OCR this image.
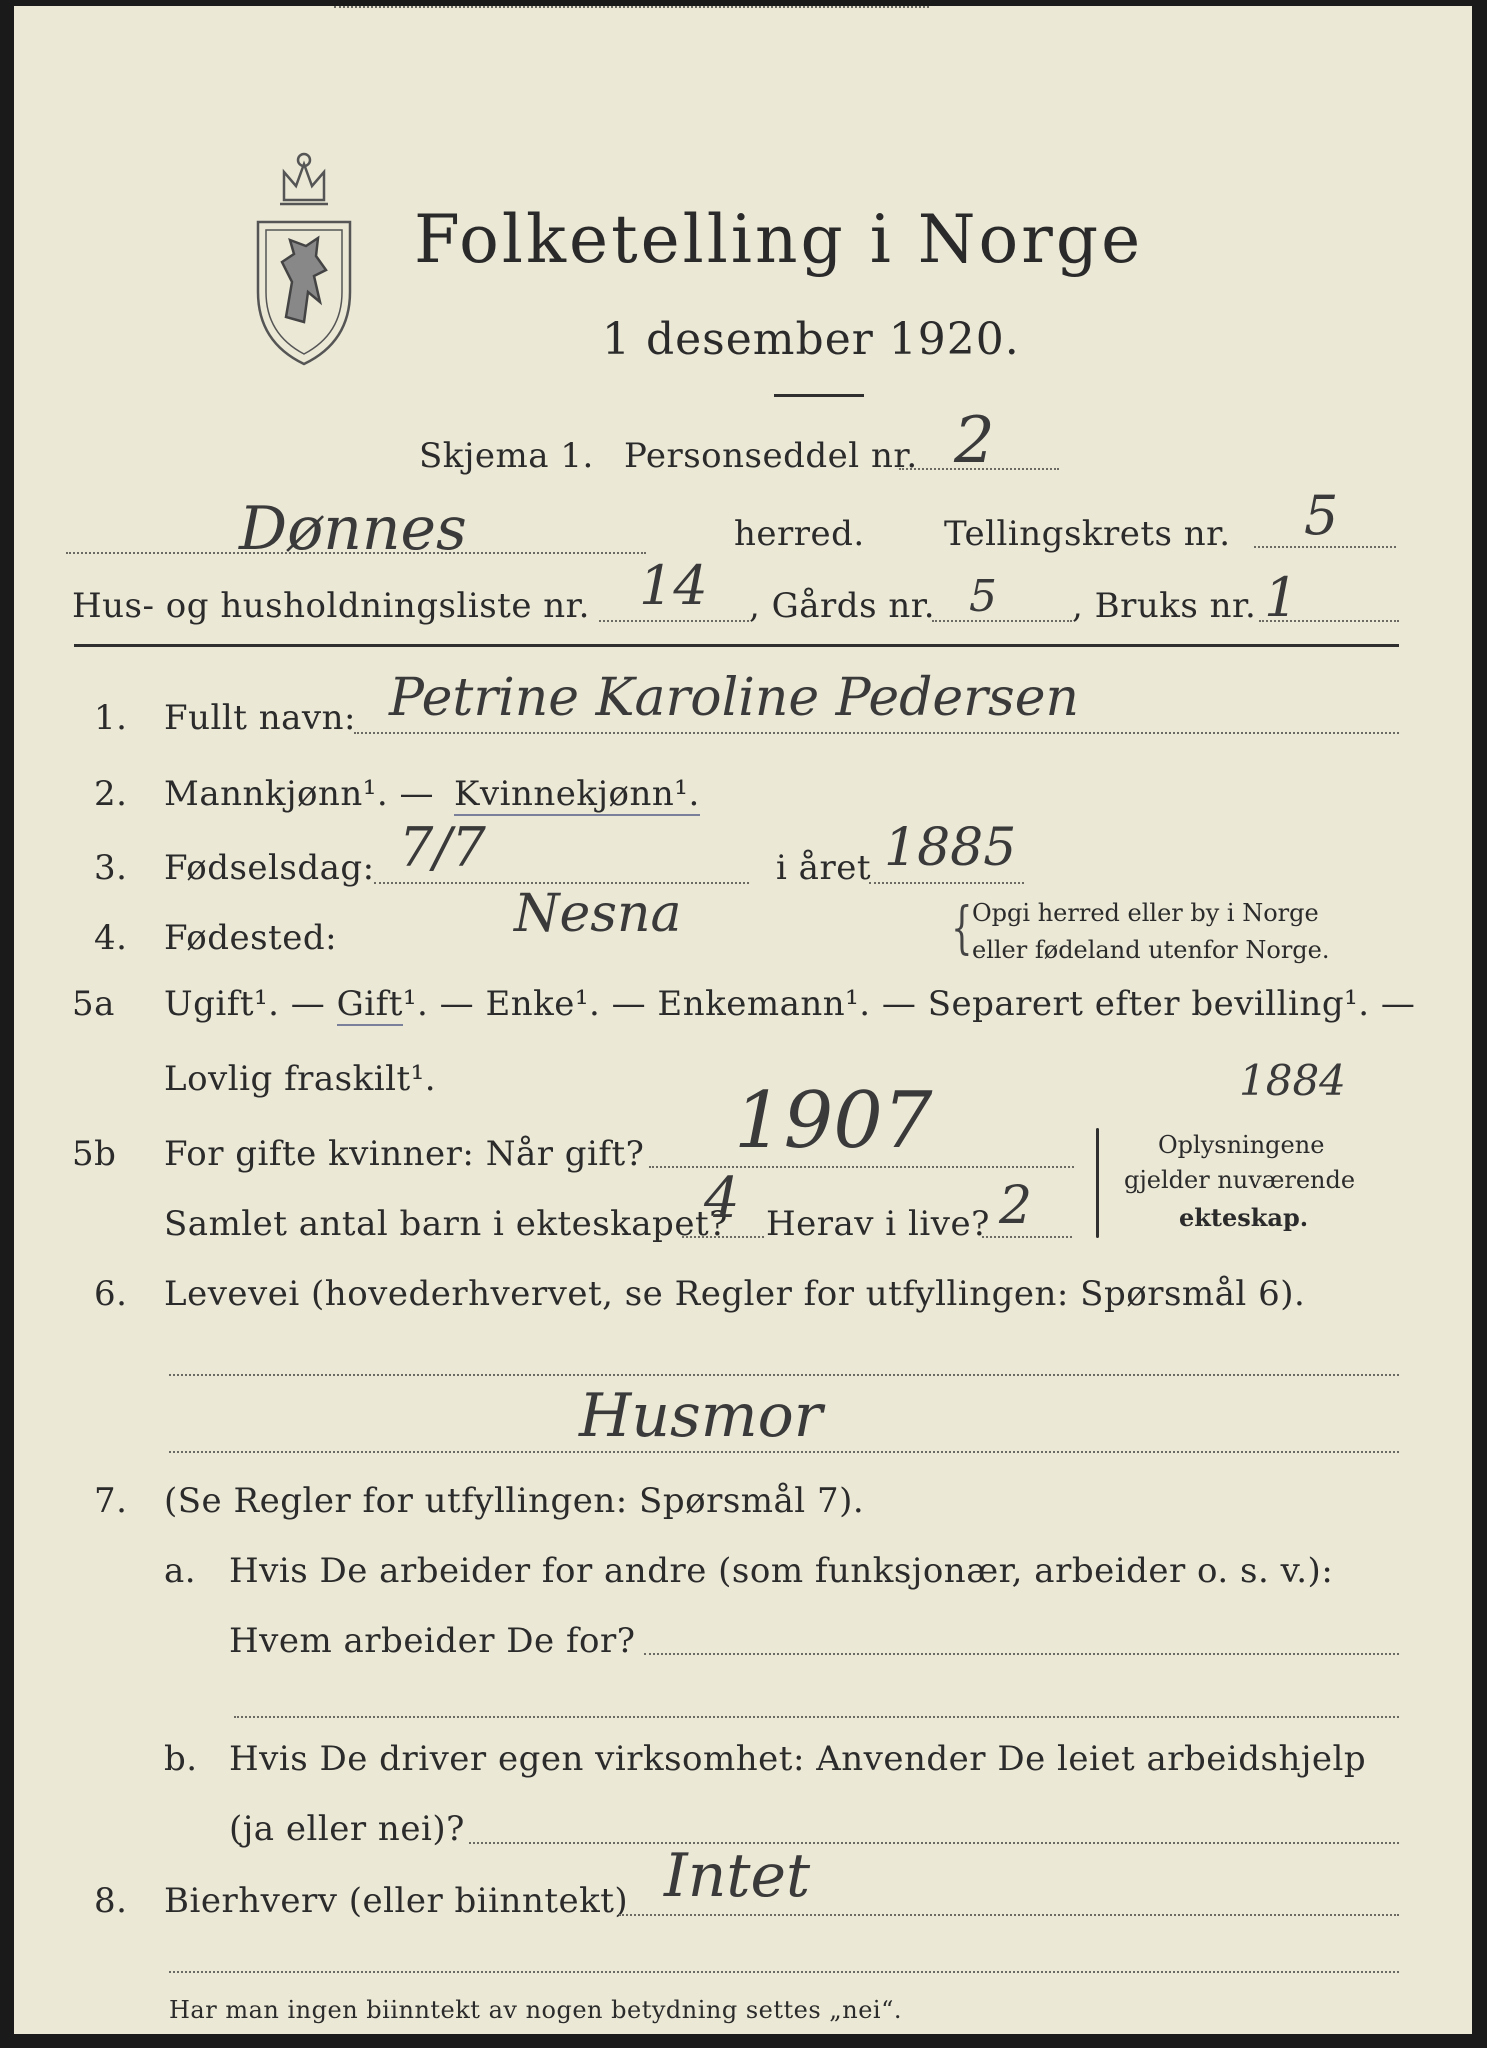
Folketelling i Norge
1 desember 1920.
Skjema 1. Personseddel nr. 2
Dønnes	herred. Tellingskrets nr. 5
Hus- og husholdningsliste nr. 14 , Gårds nr. 5 , Bruks nr. 1
1. Fullt navn: Petrine Karoline Pedersen
2. Mannkjønn¹. — Kvinnekjønn¹.
3. Fødselsdag: 7/7	i året 1885
4. Fødested:	Nesna	{ Opgi herred eller by i Norge
eller fødeland utenfor Norge.
5a Ugift¹. — Gift¹. — Enke¹. — Enkemann¹. — Separert efter bevilling¹. —
Lovlig fraskilt¹.
5b For gifte kvinner: Når gift? 1907	1884
Samlet antal barn i ekteskapet?
4 Herav i live? 2
Oplysningene
gjelder nuværende
ekteskap.
6. Levevei (hovederhvervet, se Regler for utfyllingen: Spørsmål 6).
Husmor
7. (Se Regler for utfyllingen: Spørsmål 7).
a. Hvis De arbeider for andre (som funksjonær, arbeider o. s. v.):
Hvem arbeider De for?
b. Hvis De driver egen virksomhet: Anvender De leiet arbeidshjelp
(ja eller nei)?
8. Bierhverv (eller biinntekt) Intet
Har man ingen biinntekt av nogen betydning settes „nei“.
